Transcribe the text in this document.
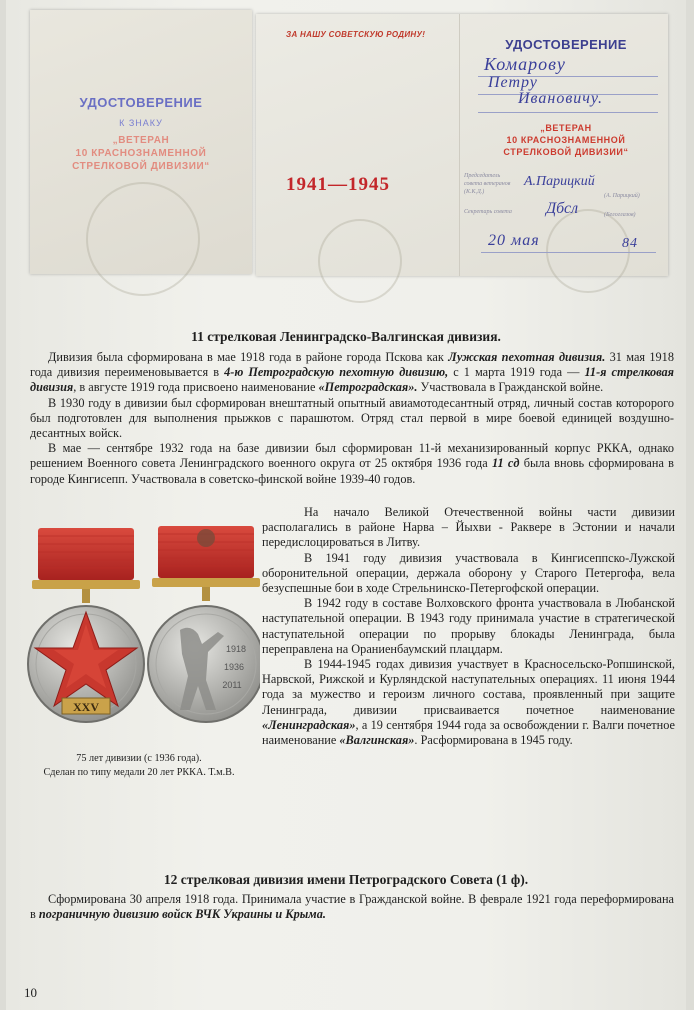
УДОСТОВЕРЕНИЕ
К ЗНАКУ
„ВЕТЕРАН
10 КРАСНОЗНАМЕННОЙ
СТРЕЛКОВОЙ ДИВИЗИИ“
ЗА НАШУ СОВЕТСКУЮ РОДИНУ!
1941—1945
УДОСТОВЕРЕНИЕ
Комарову
Петру
Ивановичу.
„ВЕТЕРАН
10 КРАСНОЗНАМЕННОЙ
СТРЕЛКОВОЙ ДИВИЗИИ“
Председатель
совета ветеранов
(К.К.Д.)
(А. Парицкий)
Секретарь совета	(Белоглазов)
А.Парицкий
Дбсл
20 мая	84
11 стрелковая Ленинградско-Валгинская дивизия.

Дивизия была сформирована в мае 1918 года в районе города Пскова как Лужская пехотная дивизия. 31 мая 1918 года дивизия переименовывается в 4-ю Петроградскую пехотную дивизию, с 1 марта 1919 года — 11-я стрелковая дивизия, в августе 1919 года присвоено наименование «Петроградская». Участвовала в Гражданской войне.

В 1930 году в дивизии был сформирован внештатный опытный авиамотодесантный отряд, личный состав которорого был подготовлен для выполнения прыжков с парашютом. Отряд стал первой в мире боевой единицей воздушно-десантных войск.

В мае — сентябре 1932 года на базе дивизии был сформирован 11-й механизированный корпус РККА, однако решением Военного совета Ленинградского военного округа от 25 октября 1936 года 11 сд была вновь сформирована в городе Кингисепп. Участвовала в советско-финской войне 1939-40 годов.

XXV
1918
1936
2011
75 лет дивизии (с 1936 года).
Сделан по типу медали 20 лет РККА. Т.м.В.

На начало Великой Отечественной войны части дивизии располагались в районе Нарва – Йыхви - Раквере в Эстонии и начали передислоцироваться в Литву.

В 1941 году дивизия участвовала в Кингисеппско-Лужской оборонительной операции, держала оборону у Старого Петергофа, вела безуспешные бои в ходе Стрельнинско-Петергофской операции.

В 1942 году в составе Волховского фронта участвовала в Любанской наступательной операции. В 1943 году принимала участие в стратегической наступательной операции по прорыву блокады Ленинграда, была переправлена на Ораниенбаумский плацдарм.

В 1944-1945 годах дивизия участвует в Красносельско-Ропшинской, Нарвской, Рижской и Курляндской наступательных операциях. 11 июня 1944 года за мужество и героизм личного состава, проявленный при защите Ленинграда, дивизии присваивается почетное наименование «Ленинградская», а 19 сентября 1944 года за освобождении г. Валги почетное наименование «Валгинская». Расформирована в 1945 году.

12 стрелковая дивизия имени Петроградского Совета (1 ф).

Сформирована 30 апреля 1918 года. Принимала участие в Гражданской войне. В феврале 1921 года переформирована в пограничную дивизию войск ВЧК Украины и Крыма.

10
